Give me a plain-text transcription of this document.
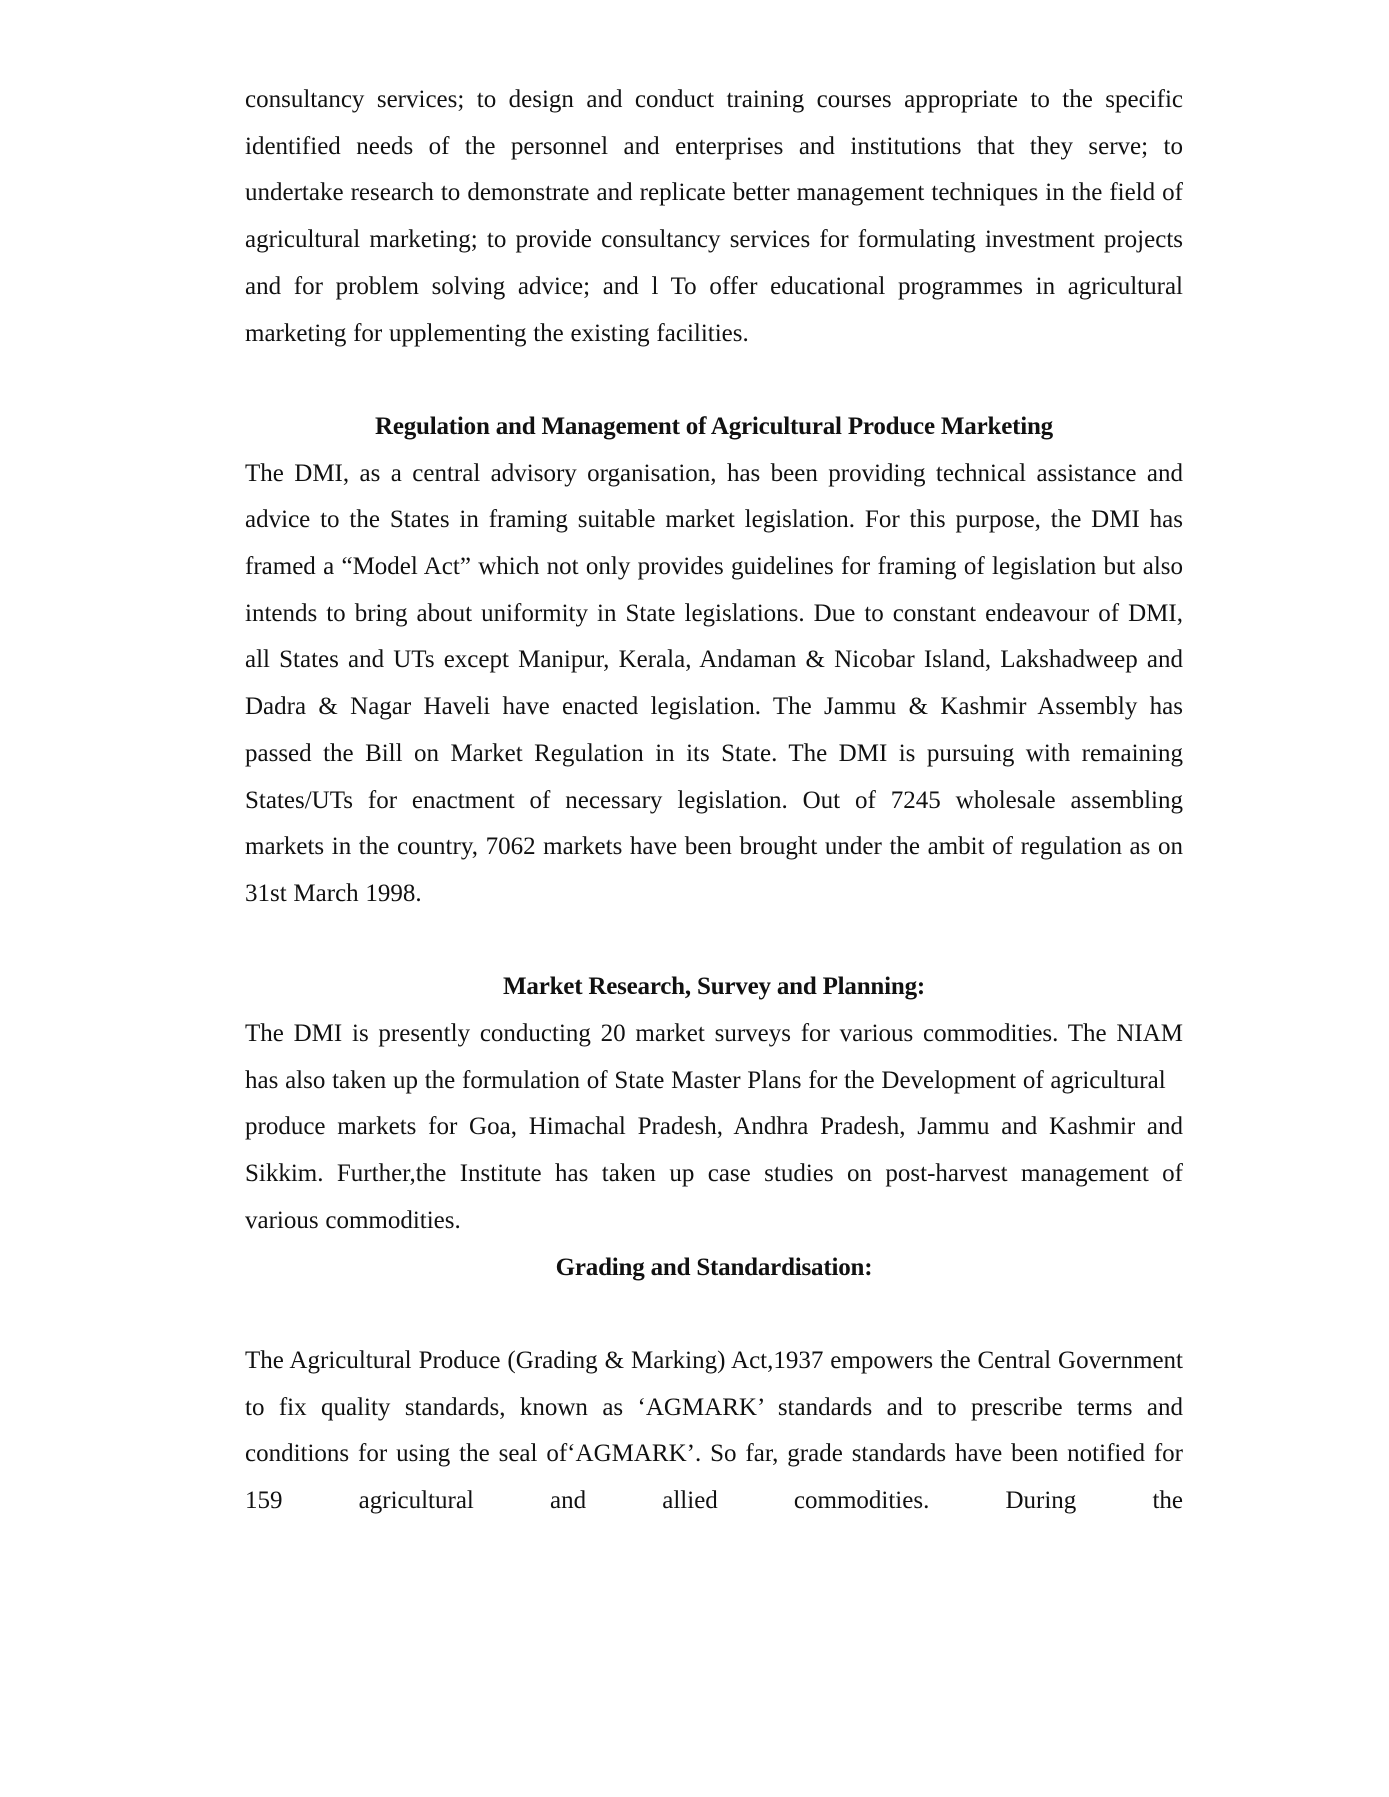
consultancy services; to design and conduct training courses appropriate to the specific identified needs of the personnel and enterprises and institutions that they serve; to undertake research to demonstrate and replicate better management techniques in the field of agricultural marketing; to provide consultancy services for formulating investment projects and for problem solving advice; and l To offer educational programmes in agricultural marketing for upplementing the existing facilities.

Regulation and Management of Agricultural Produce Marketing

The DMI, as a central advisory organisation, has been providing technical assistance and advice to the States in framing suitable market legislation. For this purpose, the DMI has framed a “Model Act” which not only provides guidelines for framing of legislation but also intends to bring about uniformity in State legislations. Due to constant endeavour of DMI, all States and UTs except Manipur, Kerala, Andaman & Nicobar Island, Lakshadweep and Dadra & Nagar Haveli have enacted legislation. The Jammu & Kashmir Assembly has passed the Bill on Market Regulation in its State. The DMI is pursuing with remaining States/UTs for enactment of necessary legislation. Out of 7245 wholesale assembling markets in the country, 7062 markets have been brought under the ambit of regulation as on 31st March 1998.

Market Research, Survey and Planning:

The DMI is presently conducting 20 market surveys for various commodities. The NIAM has also taken up the formulation of State Master Plans for the Development of agricultural

produce markets for Goa, Himachal Pradesh, Andhra Pradesh, Jammu and Kashmir and Sikkim. Further,the Institute has taken up case studies on post-harvest management of various commodities.

Grading and Standardisation:

The Agricultural Produce (Grading & Marking) Act,1937 empowers the Central Government to fix quality standards, known as ‘AGMARK’ standards and to prescribe terms and conditions for using the seal of‘AGMARK’. So far, grade standards have been notified for 159 agricultural and allied commodities. During the
